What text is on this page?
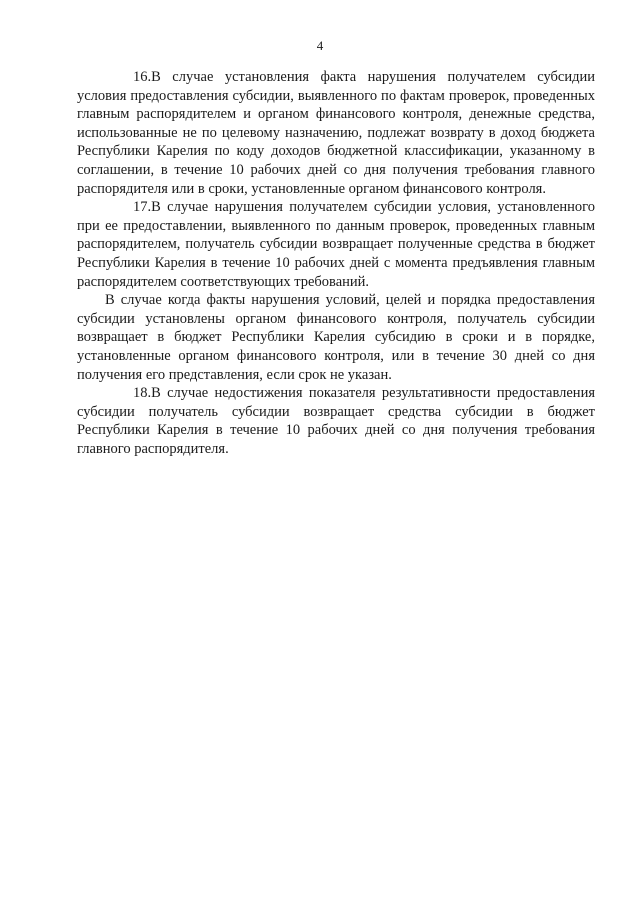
4

16.В случае установления факта нарушения получателем субсидии условия предоставления субсидии, выявленного по фактам проверок, проведенных главным распорядителем и органом финансового контроля, денежные средства, использованные не по целевому назначению, подлежат возврату в доход бюджета Республики Карелия по коду доходов бюджетной классификации, указанному в соглашении, в течение 10 рабочих дней со дня получения требования главного распорядителя или в сроки, установленные органом финансового контроля.

17.В случае нарушения получателем субсидии условия, установленного при ее предоставлении, выявленного по данным проверок, проведенных главным распорядителем, получатель субсидии возвращает полученные средства в бюджет Республики Карелия в течение 10 рабочих дней с момента предъявления главным распорядителем соответствующих требований.

В случае когда факты нарушения условий, целей и порядка предоставления субсидии установлены органом финансового контроля, получатель субсидии возвращает в бюджет Республики Карелия субсидию в сроки и в порядке, установленные органом финансового контроля, или в течение 30 дней со дня получения его представления, если срок не указан.

18.В случае недостижения показателя результативности предоставления субсидии получатель субсидии возвращает средства субсидии в бюджет Республики Карелия в течение 10 рабочих дней со дня получения требования главного распорядителя.
